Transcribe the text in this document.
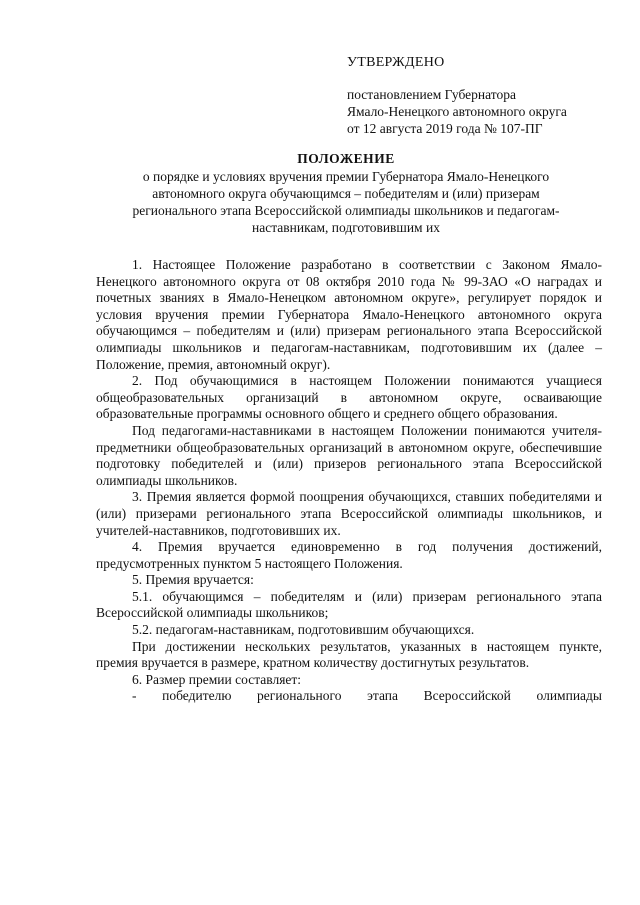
УТВЕРЖДЕНО
постановлением Губернатора
Ямало-Ненецкого автономного округа
от 12 августа 2019 года № 107-ПГ
ПОЛОЖЕНИЕ
о порядке и условиях вручения премии Губернатора Ямало-Ненецкого
автономного округа обучающимся – победителям и (или) призерам
регионального этапа Всероссийской олимпиады школьников и педагогам-
наставникам, подготовившим их

1. Настоящее Положение разработано в соответствии с Законом Ямало-Ненецкого автономного округа от 08 октября 2010 года № 99-ЗАО «О наградах и почетных званиях в Ямало-Ненецком автономном округе», регулирует порядок и условия вручения премии Губернатора Ямало-Ненецкого автономного округа обучающимся – победителям и (или) призерам регионального этапа Всероссийской олимпиады школьников и педагогам-наставникам, подготовившим их (далее – Положение, премия, автономный округ).

2. Под обучающимися в настоящем Положении понимаются учащиеся общеобразовательных организаций в автономном округе, осваивающие образовательные программы основного общего и среднего общего образования.

Под педагогами-наставниками в настоящем Положении понимаются учителя-предметники общеобразовательных организаций в автономном округе, обеспечившие подготовку победителей и (или) призеров регионального этапа Всероссийской олимпиады школьников.

3. Премия является формой поощрения обучающихся, ставших победителями и (или) призерами регионального этапа Всероссийской олимпиады школьников, и учителей-наставников, подготовивших их.

4. Премия вручается единовременно в год получения достижений, предусмотренных пунктом 5 настоящего Положения.

5. Премия вручается:

5.1. обучающимся – победителям и (или) призерам регионального этапа Всероссийской олимпиады школьников;

5.2. педагогам-наставникам, подготовившим обучающихся.

При достижении нескольких результатов, указанных в настоящем пункте, премия вручается в размере, кратном количеству достигнутых результатов.

6. Размер премии составляет:

- победителю регионального этапа Всероссийской олимпиады
